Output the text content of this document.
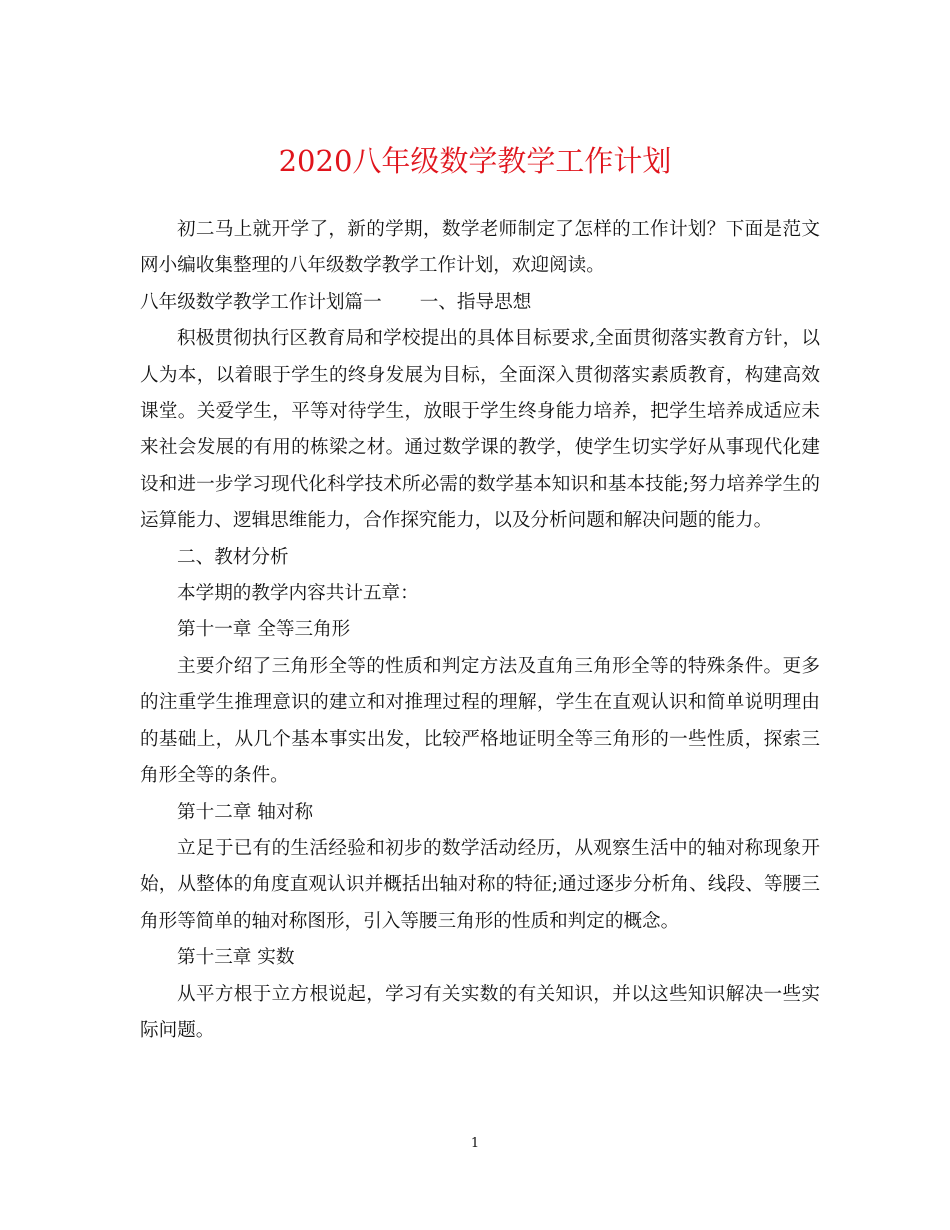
2020八年级数学教学工作计划

初二马上就开学了，新的学期，数学老师制定了怎样的工作计划？下面是范文网小编收集整理的八年级数学教学工作计划，欢迎阅读。

八年级数学教学工作计划篇一 一、指导思想

积极贯彻执行区教育局和学校提出的具体目标要求,全面贯彻落实教育方针，以人为本，以着眼于学生的终身发展为目标，全面深入贯彻落实素质教育，构建高效课堂。关爱学生，平等对待学生，放眼于学生终身能力培养，把学生培养成适应未来社会发展的有用的栋梁之材。通过数学课的教学，使学生切实学好从事现代化建设和进一步学习现代化科学技术所必需的数学基本知识和基本技能;努力培养学生的运算能力、逻辑思维能力，合作探究能力，以及分析问题和解决问题的能力。

二、教材分析

本学期的教学内容共计五章：

第十一章 全等三角形

主要介绍了三角形全等的性质和判定方法及直角三角形全等的特殊条件。更多的注重学生推理意识的建立和对推理过程的理解，学生在直观认识和简单说明理由的基础上，从几个基本事实出发，比较严格地证明全等三角形的一些性质，探索三角形全等的条件。

第十二章 轴对称

立足于已有的生活经验和初步的数学活动经历，从观察生活中的轴对称现象开始，从整体的角度直观认识并概括出轴对称的特征;通过逐步分析角、线段、等腰三角形等简单的轴对称图形，引入等腰三角形的性质和判定的概念。

第十三章 实数

从平方根于立方根说起，学习有关实数的有关知识，并以这些知识解决一些实际问题。

1
